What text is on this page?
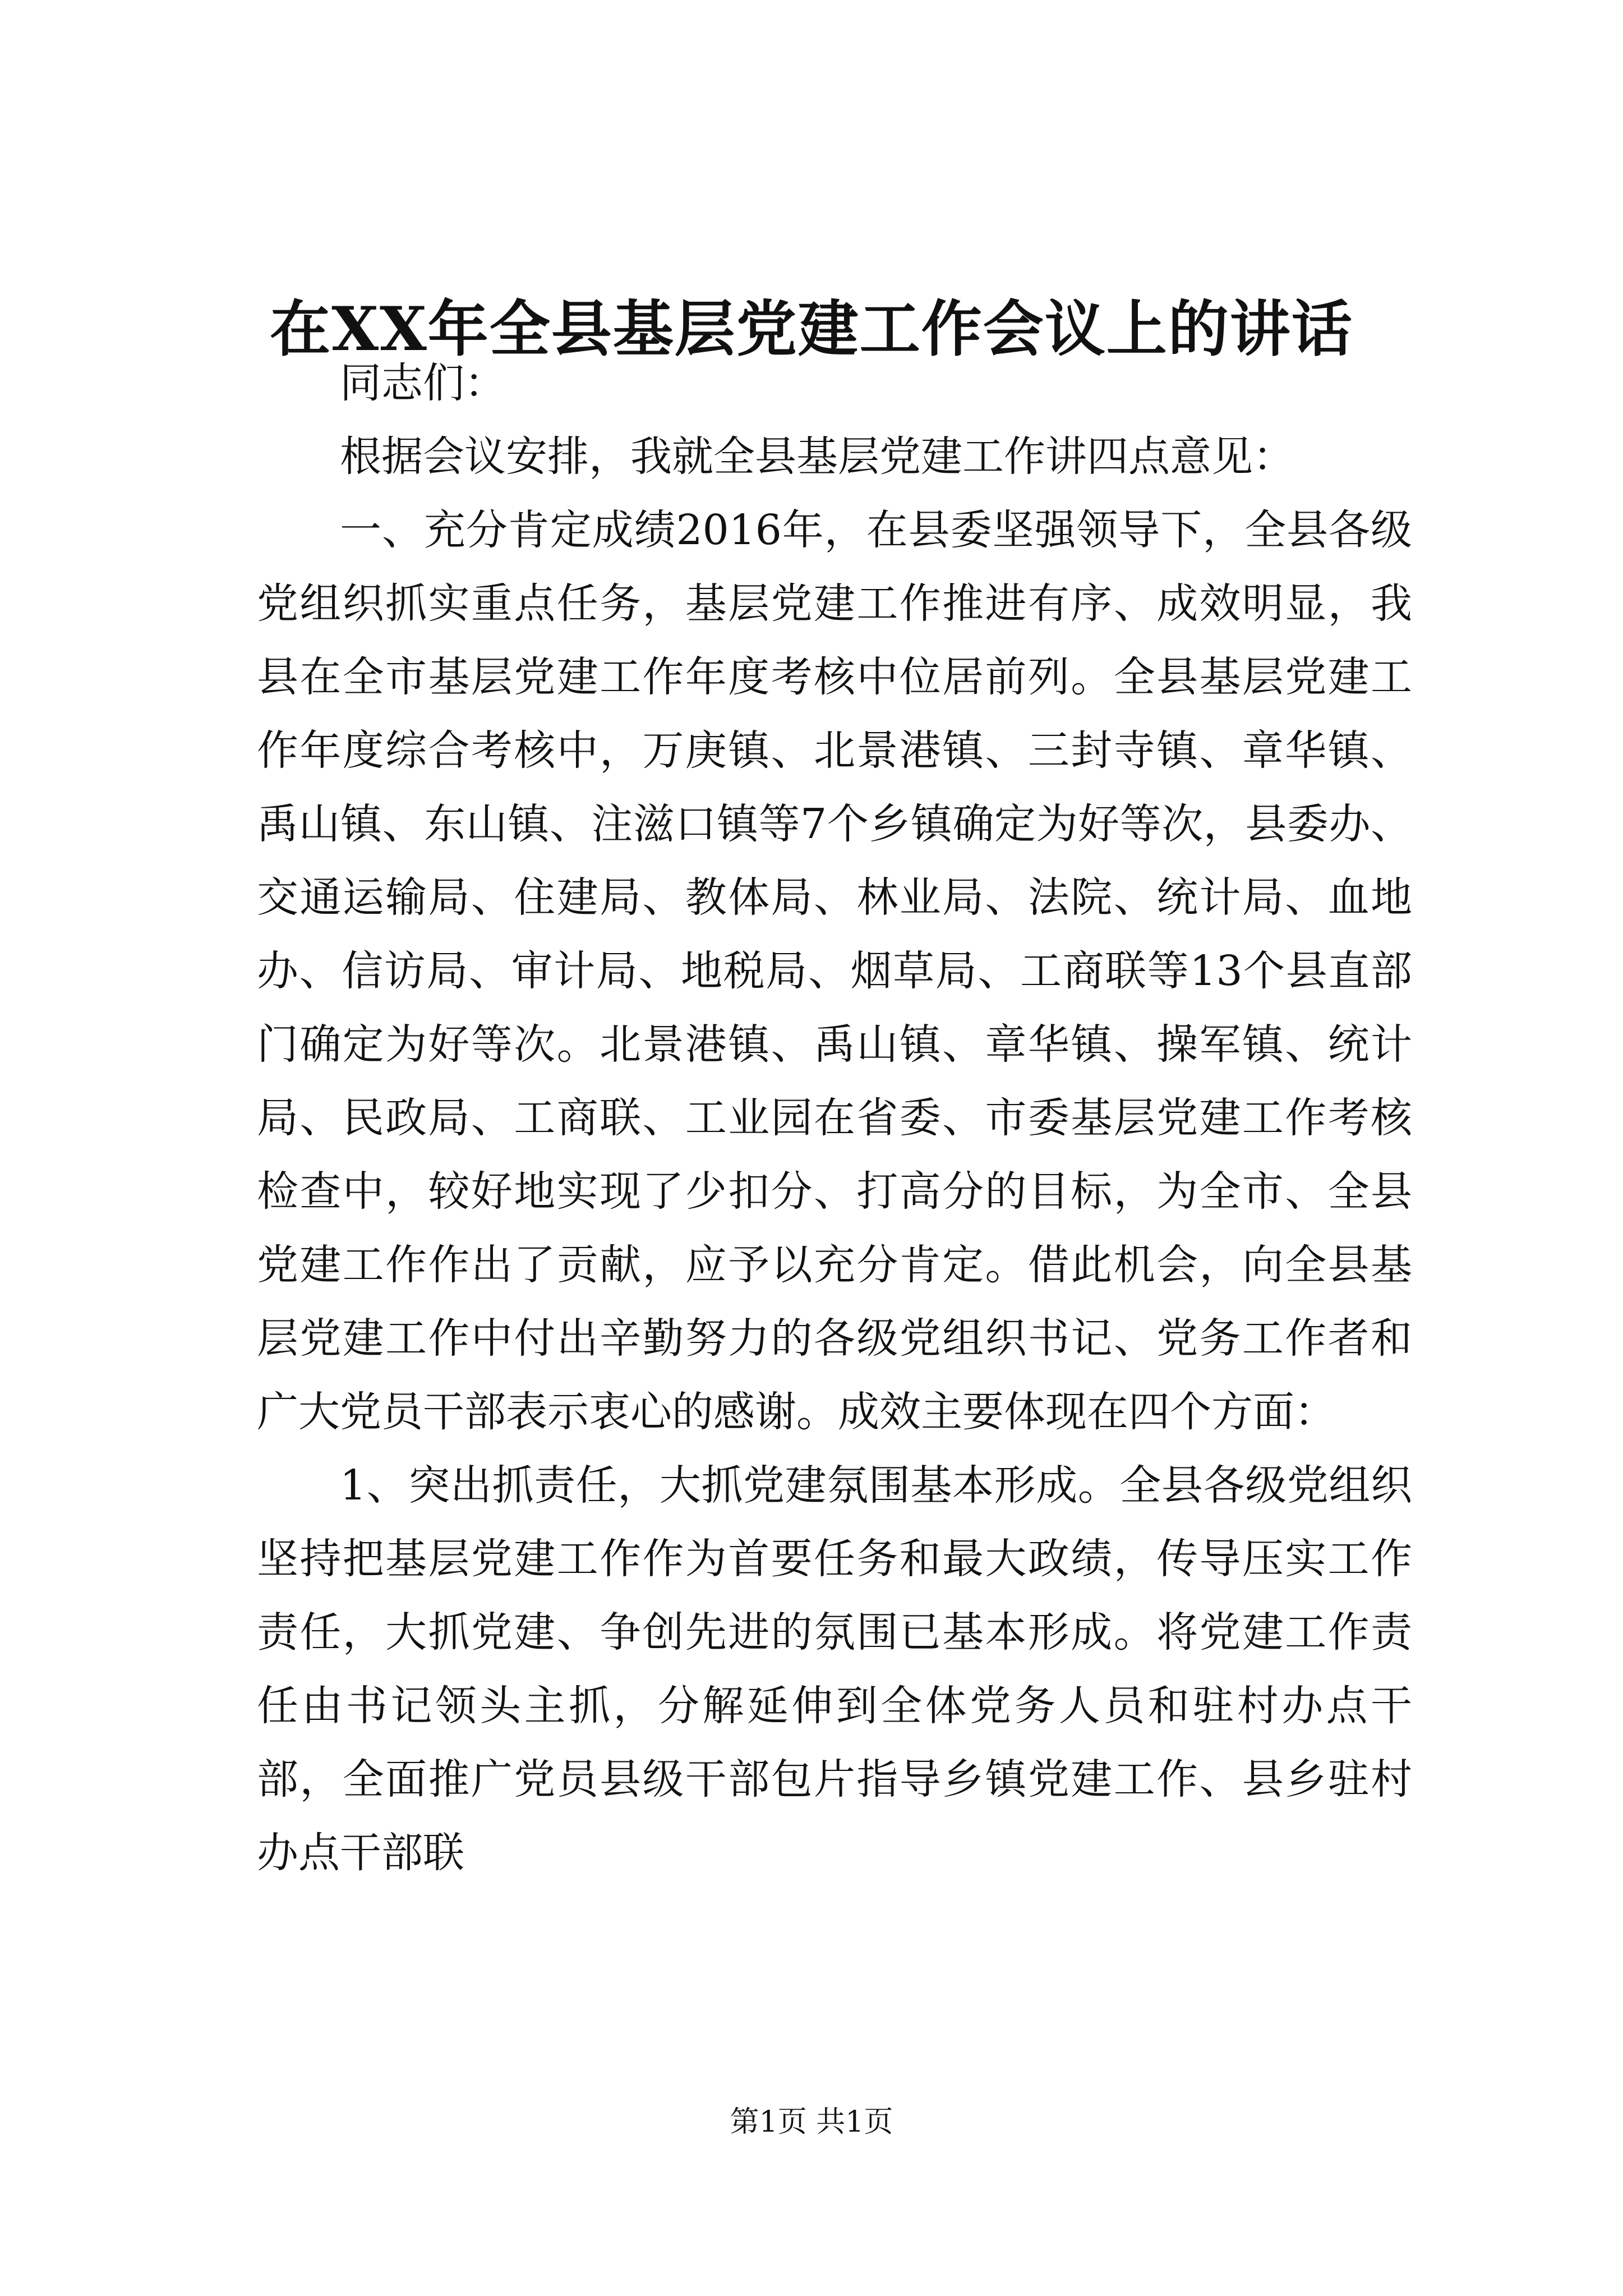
在XX年全县基层党建工作会议上的讲话

同志们：

根据会议安排，我就全县基层党建工作讲四点意见：

一、充分肯定成绩2016年，在县委坚强领导下，全县各级党组织抓实重点任务，基层党建工作推进有序、成效明显，我县在全市基层党建工作年度考核中位居前列。全县基层党建工作年度综合考核中，万庚镇、北景港镇、三封寺镇、章华镇、禹山镇、东山镇、注滋口镇等7个乡镇确定为好等次，县委办、交通运输局、住建局、教体局、林业局、法院、统计局、血地办、信访局、审计局、地税局、烟草局、工商联等13个县直部门确定为好等次。北景港镇、禹山镇、章华镇、操军镇、统计局、民政局、工商联、工业园在省委、市委基层党建工作考核检查中，较好地实现了少扣分、打高分的目标，为全市、全县党建工作作出了贡献，应予以充分肯定。借此机会，向全县基层党建工作中付出辛勤努力的各级党组织书记、党务工作者和广大党员干部表示衷心的感谢。成效主要体现在四个方面：

1、突出抓责任，大抓党建氛围基本形成。全县各级党组织坚持把基层党建工作作为首要任务和最大政绩，传导压实工作责任，大抓党建、争创先进的氛围已基本形成。将党建工作责任由书记领头主抓，分解延伸到全体党务人员和驻村办点干部，全面推广党员县级干部包片指导乡镇党建工作、县乡驻村办点干部联

第1页 共1页
